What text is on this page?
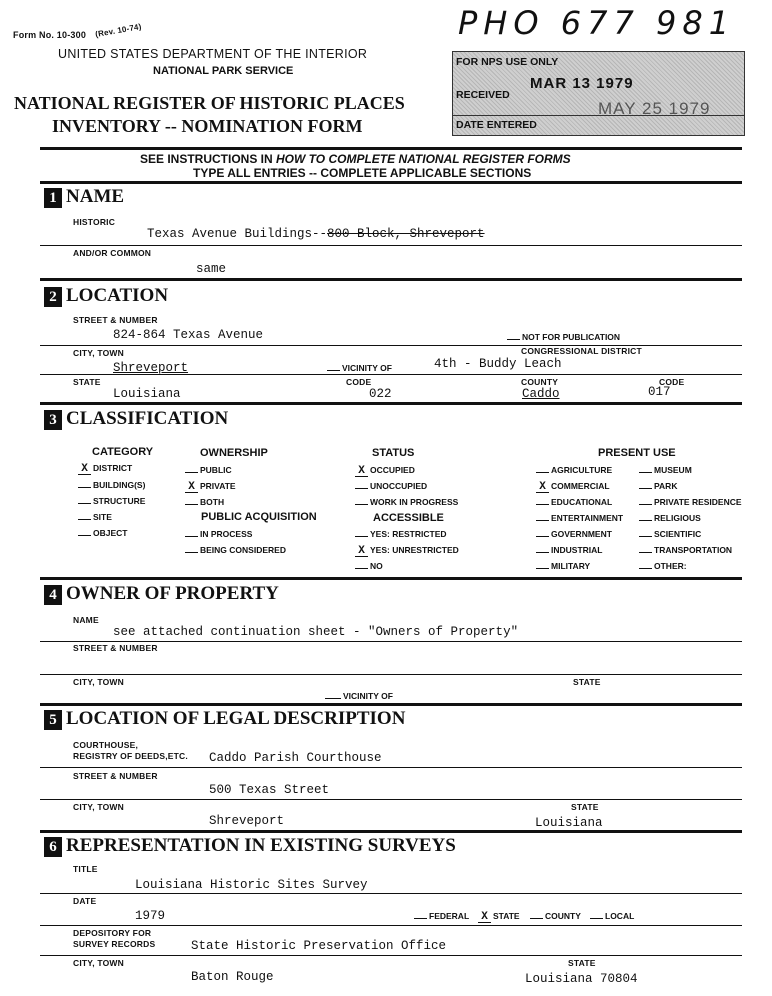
Form No. 10-300 (Rev. 10-74)
UNITED STATES DEPARTMENT OF THE INTERIOR
NATIONAL PARK SERVICE
NATIONAL REGISTER OF HISTORIC PLACES
INVENTORY -- NOMINATION FORM
PHO 677 981
FOR NPS USE ONLY
RECEIVED
MAR 13 1979
DATE ENTERED
MAY 25 1979
SEE INSTRUCTIONS IN HOW TO COMPLETE NATIONAL REGISTER FORMS
TYPE ALL ENTRIES -- COMPLETE APPLICABLE SECTIONS
1 NAME
HISTORIC
Texas Avenue Buildings--800 Block, Shreveport
AND/OR COMMON
same
2 LOCATION
STREET & NUMBER
824-864 Texas Avenue	NOT FOR PUBLICATION
CITY, TOWN	CONGRESSIONAL DISTRICT
Shreveport	VICINITY OF	4th - Buddy Leach
STATE	CODE	COUNTY	CODE
Louisiana	022	Caddo	017
3 CLASSIFICATION
CATEGORY	OWNERSHIP	STATUS	PRESENT USE
PUBLIC ACQUISITION	ACCESSIBLE
X DISTRICT
BUILDING(S)
STRUCTURE
SITE
OBJECT
PUBLIC
X PRIVATE
BOTH
IN PROCESS
BEING CONSIDERED
X OCCUPIED
UNOCCUPIED
WORK IN PROGRESS
YES: RESTRICTED
X YES: UNRESTRICTED
NO
AGRICULTURE
X COMMERCIAL
EDUCATIONAL
ENTERTAINMENT
GOVERNMENT
INDUSTRIAL
MILITARY
MUSEUM
PARK
PRIVATE RESIDENCE
RELIGIOUS
SCIENTIFIC
TRANSPORTATION
OTHER:
4 OWNER OF PROPERTY
NAME
see attached continuation sheet - "Owners of Property"
STREET & NUMBER
CITY, TOWN	STATE
VICINITY OF
5 LOCATION OF LEGAL DESCRIPTION
COURTHOUSE,
REGISTRY OF DEEDS,ETC. Caddo Parish Courthouse
STREET & NUMBER
500 Texas Street
CITY, TOWN	STATE
Shreveport	Louisiana
6 REPRESENTATION IN EXISTING SURVEYS
TITLE
Louisiana Historic Sites Survey
DATE
1979	FEDERAL X STATE	COUNTY	LOCAL
DEPOSITORY FOR
SURVEY RECORDS	State Historic Preservation Office
CITY, TOWN	STATE
Baton Rouge	Louisiana 70804
